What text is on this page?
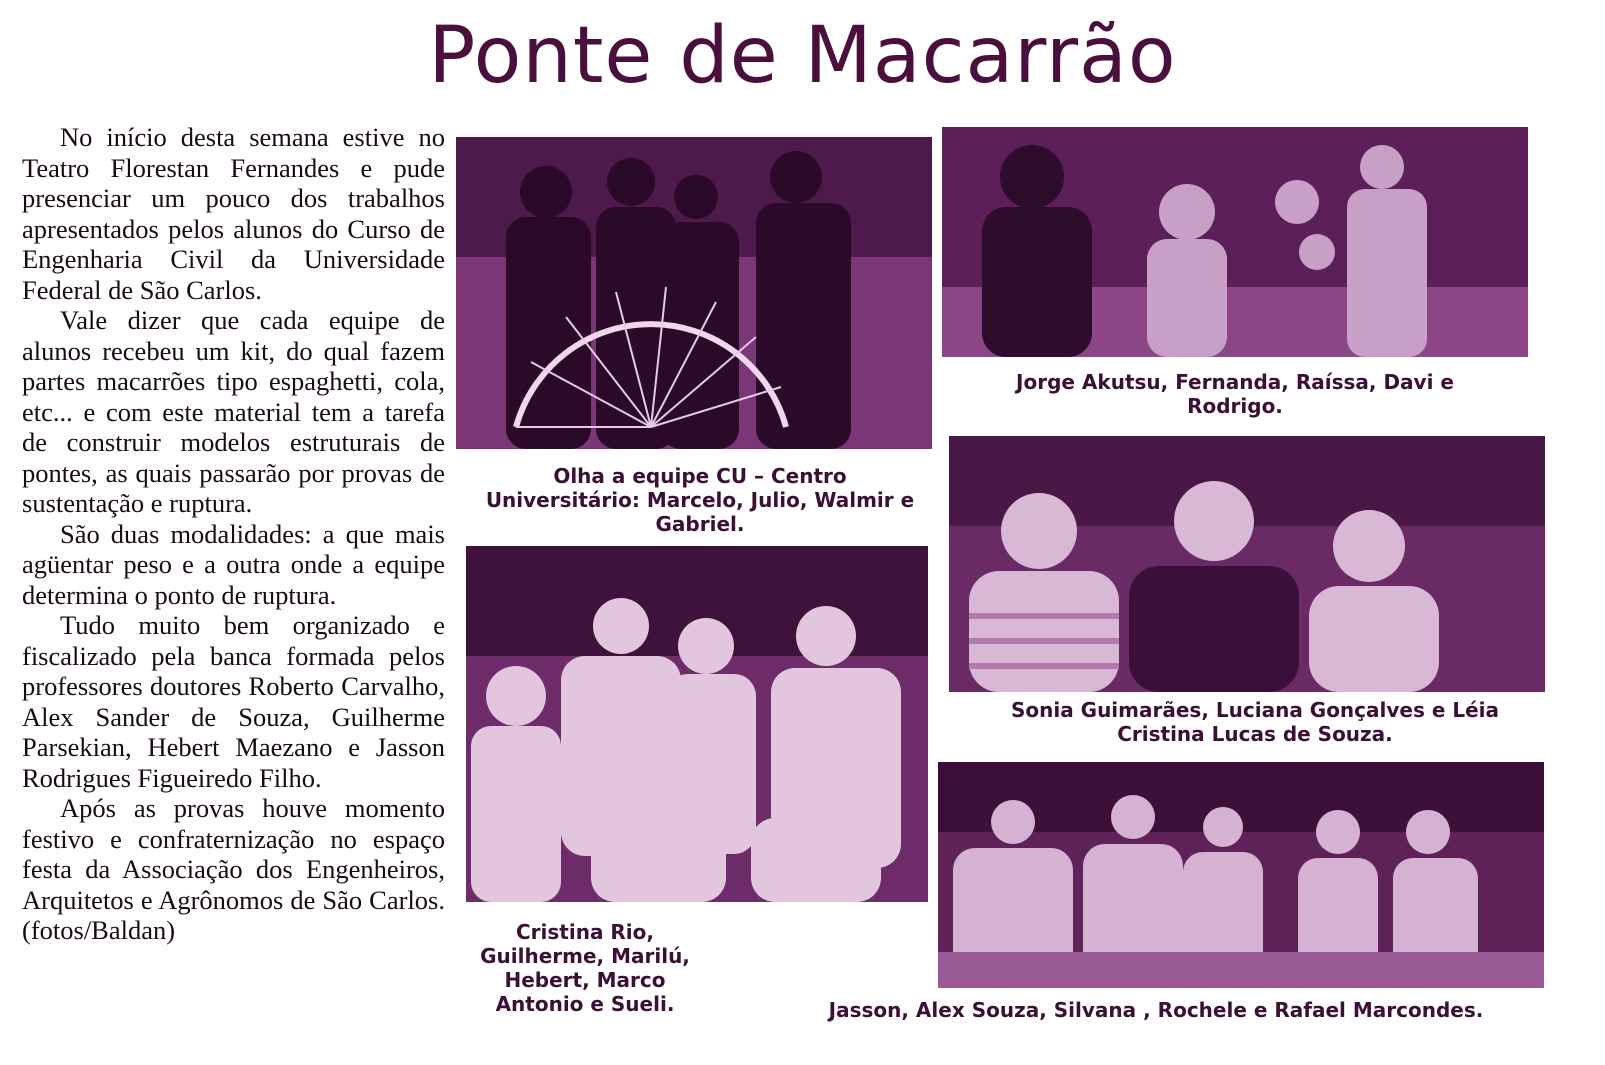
Ponte de Macarrão

No início desta semana estive no Teatro Florestan Fernandes e pude presenciar um pouco dos trabalhos apresentados pelos alunos do Curso de Engenharia Civil da Universidade Federal de São Carlos.

Vale dizer que cada equipe de alunos recebeu um kit, do qual fazem partes macarrões tipo espaghetti, cola, etc... e com este material tem a tarefa de construir modelos estruturais de pontes, as quais passarão por provas de sustentação e ruptura.

São duas modalidades: a que mais agüentar peso e a outra onde a equipe determina o ponto de ruptura.

Tudo muito bem organizado e fiscalizado pela banca formada pelos professores doutores Roberto Carvalho, Alex Sander de Souza, Guilherme Parsekian, Hebert Maezano e Jasson Rodrigues Figueiredo Filho.

Após as provas houve momento festivo e confraternização no espaço festa da Associação dos Engenheiros, Arquitetos e Agrônomos de São Carlos. (fotos/Baldan)

Olha a equipe CU – Centro Universitário: Marcelo, Julio, Walmir e Gabriel.
Jorge Akutsu, Fernanda, Raíssa, Davi e Rodrigo.
Sonia Guimarães, Luciana Gonçalves e Léia Cristina Lucas de Souza.
Cristina Rio, Guilherme, Marilú, Hebert, Marco Antonio e Sueli.	Jasson, Alex Souza, Silvana , Rochele e Rafael Marcondes.
